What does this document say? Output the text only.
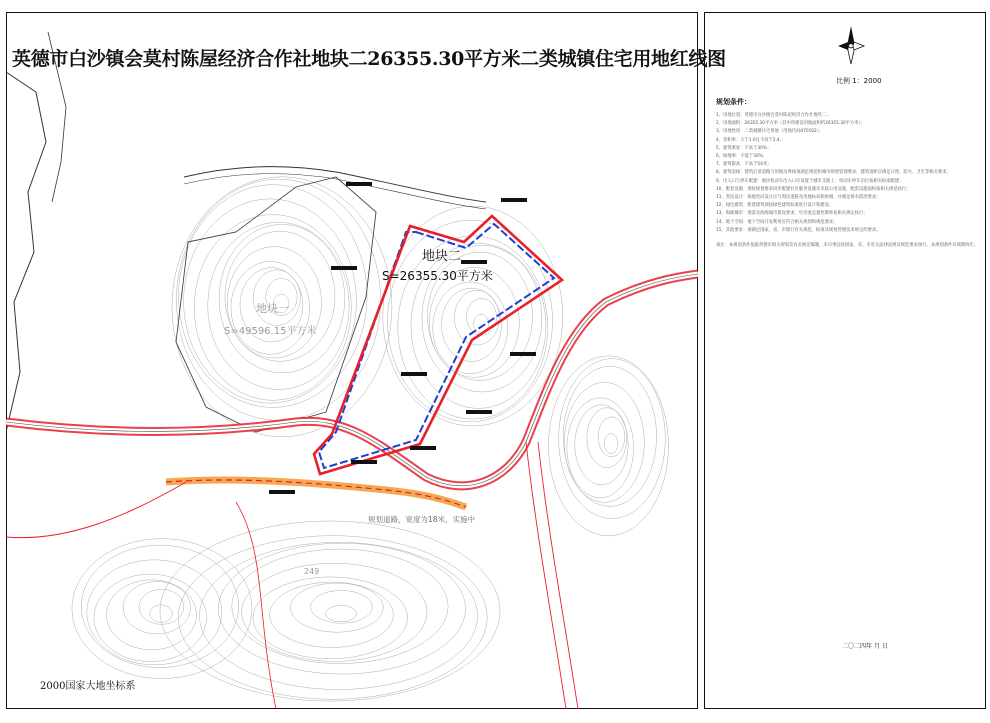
地块二
S=26355.30平方米
地块一
S=49596.15平方米
规划道路，宽度为18米，实施中
249
英德市白沙镇会莫村陈屋经济合作社地块二26355.30平方米二类城镇住宅用地红线图
2000国家大地坐标系
比例 1：2000
规划条件：

1、用地位置：英德市白沙镇会莫村陈屋经济合作社地块二；

2、用地面积：26355.30平方米（其中净建设用地面积约26355.30平方米）；

3、用地性质：二类城镇住宅用地（用地代码070102）；

4、容积率：大于1.0且不高于2.4；

5、建筑密度：不高于30%；

6、绿地率：不低于30%；

7、建筑限高：不高于54米；

8、建筑退线：建筑后退道路与用地边界线须满足规范和城市规划管理要求，建筑退距应满足日照、防火、卫生等相关要求；

9、出入口与停车配建：地块机动车出入口应设置于城市支路上，机动车停车泊位按相关标准配建；

10、配套设施：须按规划要求同步配建社区服务设施及市政公用设施，配套设施面积按相关规范执行；

11、竖向设计：场地竖向设计应与周边道路及用地标高相协调，并满足排水防涝要求；

12、绿色建筑：新建建筑须按绿色建筑标准进行设计和建设；

13、海绵城市：须落实海绵城市建设要求，年径流总量控制率按相关规定执行；

14、地下空间：地下空间开发利用应符合相关规划和规范要求；

15、其他要求：须满足国家、省、市现行有关规范、标准及规划管理技术规定的要求。

备注：本规划条件依据英德市相关规划及有关规定编制，未尽事宜按国家、省、市有关法律法规及规范要求执行。本规划条件有效期两年。

二〇二四年 月 日
